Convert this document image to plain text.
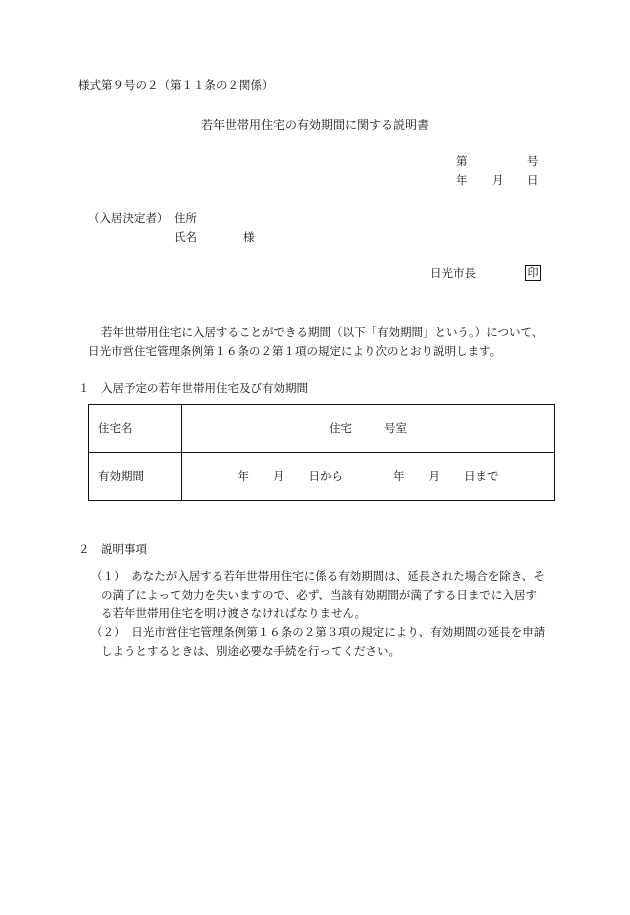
様式第９号の２（第１１条の２関係）
若年世帯用住宅の有効期間に関する説明書
第	号
年 月 日
（入居決定者） 住所
氏名	様
日光市長	印
若年世帯用住宅に入居することができる期間（以下「有効期間」という。）について、
日光市営住宅管理条例第１６条の２第１項の規定により次のとおり説明します。
１　入居予定の若年世帯用住宅及び有効期間
住宅名	住宅 号室
有効期間	年 月 日から 年 月 日まで
２　説明事項
（１）　あなたが入居する若年世帯用住宅に係る有効期間は、延長された場合を除き、そ
の満了によって効力を失いますので、必ず、当該有効期間が満了する日までに入居す
る若年世帯用住宅を明け渡さなければなりません。
（２）　日光市営住宅管理条例第１６条の２第３項の規定により、有効期間の延長を申請
しようとするときは、別途必要な手続を行ってください。
